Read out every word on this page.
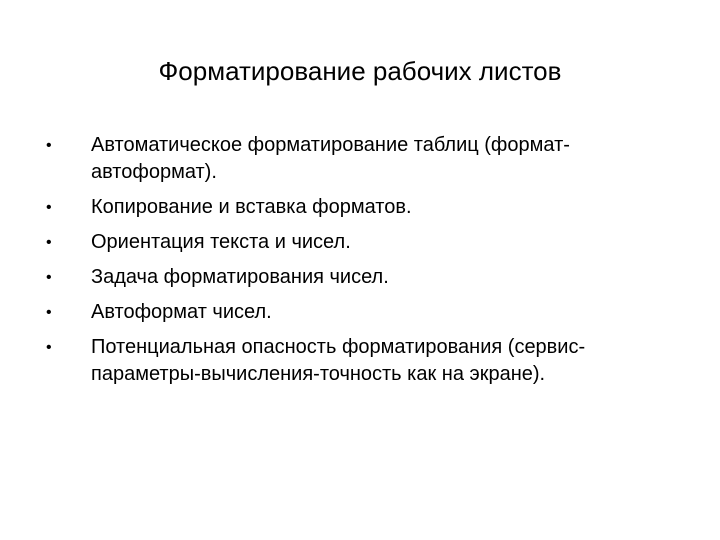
Форматирование рабочих листов
•	Автоматическое форматирование таблиц (формат-автоформат).
•	Копирование и вставка форматов.
•	Ориентация текста и чисел.
•	Задача форматирования чисел.
•	Автоформат чисел.
•	Потенциальная опасность форматирования (сервис-параметры-вычисления-точность как на экране).
